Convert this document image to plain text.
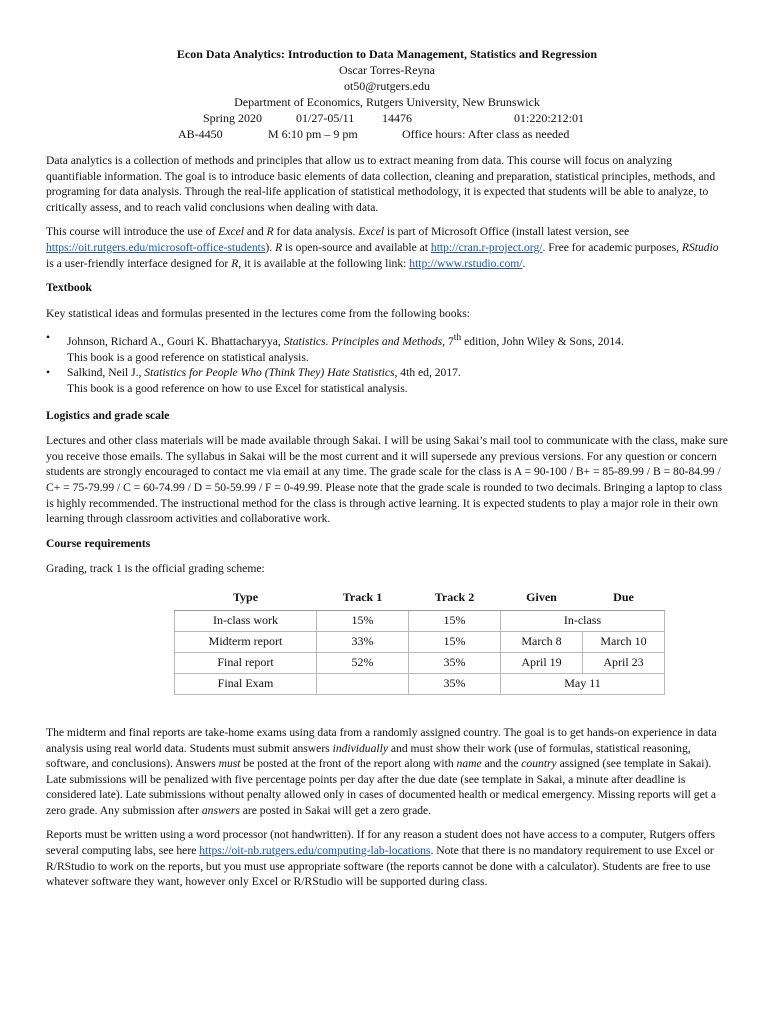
Econ Data Analytics: Introduction to Data Management, Statistics and Regression
Oscar Torres-Reyna
ot50@rutgers.edu
Department of Economics, Rutgers University, New Brunswick
Spring 2020	01/27-05/11 14476	01:220:212:01
AB-4450	M 6:10 pm – 9 pm	Office hours: After class as needed

Data analytics is a collection of methods and principles that allow us to extract meaning from data. This course will focus on analyzing quantifiable information. The goal is to introduce basic elements of data collection, cleaning and preparation, statistical principles, methods, and programing for data analysis. Through the real-life application of statistical methodology, it is expected that students will be able to analyze, to critically assess, and to reach valid conclusions when dealing with data.

This course will introduce the use of Excel and R for data analysis. Excel is part of Microsoft Office (install latest version, see https://oit.rutgers.edu/microsoft-office-students). R is open-source and available at http://cran.r-project.org/. Free for academic purposes, RStudio is a user-friendly interface designed for R, it is available at the following link: http://www.rstudio.com/.

Textbook

Key statistical ideas and formulas presented in the lectures come from the following books:

• Johnson, Richard A., Gouri K. Bhattacharyya, Statistics. Principles and Methods, 7th edition, John Wiley & Sons, 2014.
This book is a good reference on statistical analysis.
• Salkind, Neil J., Statistics for People Who (Think They) Hate Statistics, 4th ed, 2017.
This book is a good reference on how to use Excel for statistical analysis.
Logistics and grade scale

Lectures and other class materials will be made available through Sakai. I will be using Sakai’s mail tool to communicate with the class, make sure you receive those emails. The syllabus in Sakai will be the most current and it will supersede any previous versions. For any question or concern students are strongly encouraged to contact me via email at any time. The grade scale for the class is A = 90-100 / B+ = 85-89.99 / B = 80-84.99 / C+ = 75-79.99 / C = 60-74.99 / D = 50-59.99 / F = 0-49.99. Please note that the grade scale is rounded to two decimals. Bringing a laptop to class is highly recommended. The instructional method for the class is through active learning. It is expected students to play a major role in their own learning through classroom activities and collaborative work.

Course requirements

Grading, track 1 is the official grading scheme:

Type	Track 1	Track 2	Given	Due
In-class work	15%	15%	In-class	
Midterm report	33%	15%	March 8	March 10
Final report	52%	35%	April 19	April 23
Final Exam		35%	May 11	

The midterm and final reports are take-home exams using data from a randomly assigned country. The goal is to get hands-on experience in data analysis using real world data. Students must submit answers individually and must show their work (use of formulas, statistical reasoning, software, and conclusions). Answers must be posted at the front of the report along with name and the country assigned (see template in Sakai). Late submissions will be penalized with five percentage points per day after the due date (see template in Sakai, a minute after deadline is considered late). Late submissions without penalty allowed only in cases of documented health or medical emergency. Missing reports will get a zero grade. Any submission after answers are posted in Sakai will get a zero grade.

Reports must be written using a word processor (not handwritten). If for any reason a student does not have access to a computer, Rutgers offers several computing labs, see here https://oit-nb.rutgers.edu/computing-lab-locations. Note that there is no mandatory requirement to use Excel or R/RStudio to work on the reports, but you must use appropriate software (the reports cannot be done with a calculator). Students are free to use whatever software they want, however only Excel or R/RStudio will be supported during class.
